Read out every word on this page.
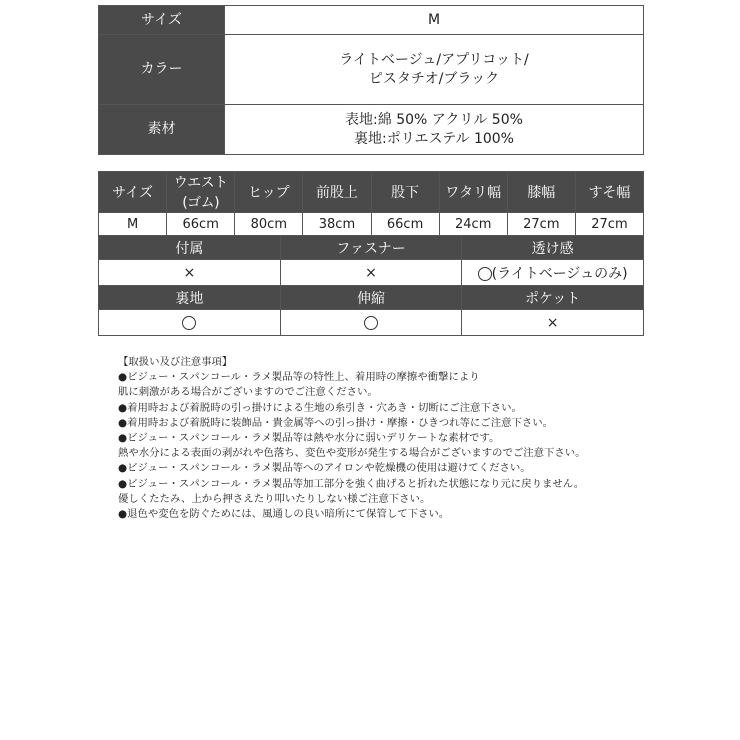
サイズ	M
カラー	ライトベージュ/アプリコット/
ピスタチオ/ブラック

素材	表地:綿 50% アクリル 50%
裏地:ポリエステル 100%
サイズ	ウエスト(ゴム)	ヒップ	前股上	股下	ワタリ幅	膝幅	すそ幅
M	66cm	80cm	38cm	66cm	24cm	27cm	27cm
付属	ファスナー	透け感
×	×	(ライトベージュのみ)
裏地	伸縮	ポケット
		×
【取扱い及び注意事項】
●ビジュー・スパンコール・ラメ製品等の特性上、着用時の摩擦や衝撃により
肌に刺激がある場合がございますのでご注意ください。
●着用時および着脱時の引っ掛けによる生地の糸引き・穴あき・切断にご注意下さい。
●着用時および着脱時に装飾品・貴金属等への引っ掛け・摩擦・ひきつれ等にご注意下さい。
●ビジュー・スパンコール・ラメ製品等は熱や水分に弱いデリケートな素材です。
熱や水分による表面の剥がれや色落ち、変色や変形が発生する場合がございますのでご注意下さい。
●ビジュー・スパンコール・ラメ製品等へのアイロンや乾燥機の使用は避けてください。
●ビジュー・スパンコール・ラメ製品等加工部分を強く曲げると折れた状態になり元に戻りません。
優しくたたみ、上から押さえたり叩いたりしない様ご注意下さい。
●退色や変色を防ぐためには、風通しの良い暗所にて保管して下さい。
